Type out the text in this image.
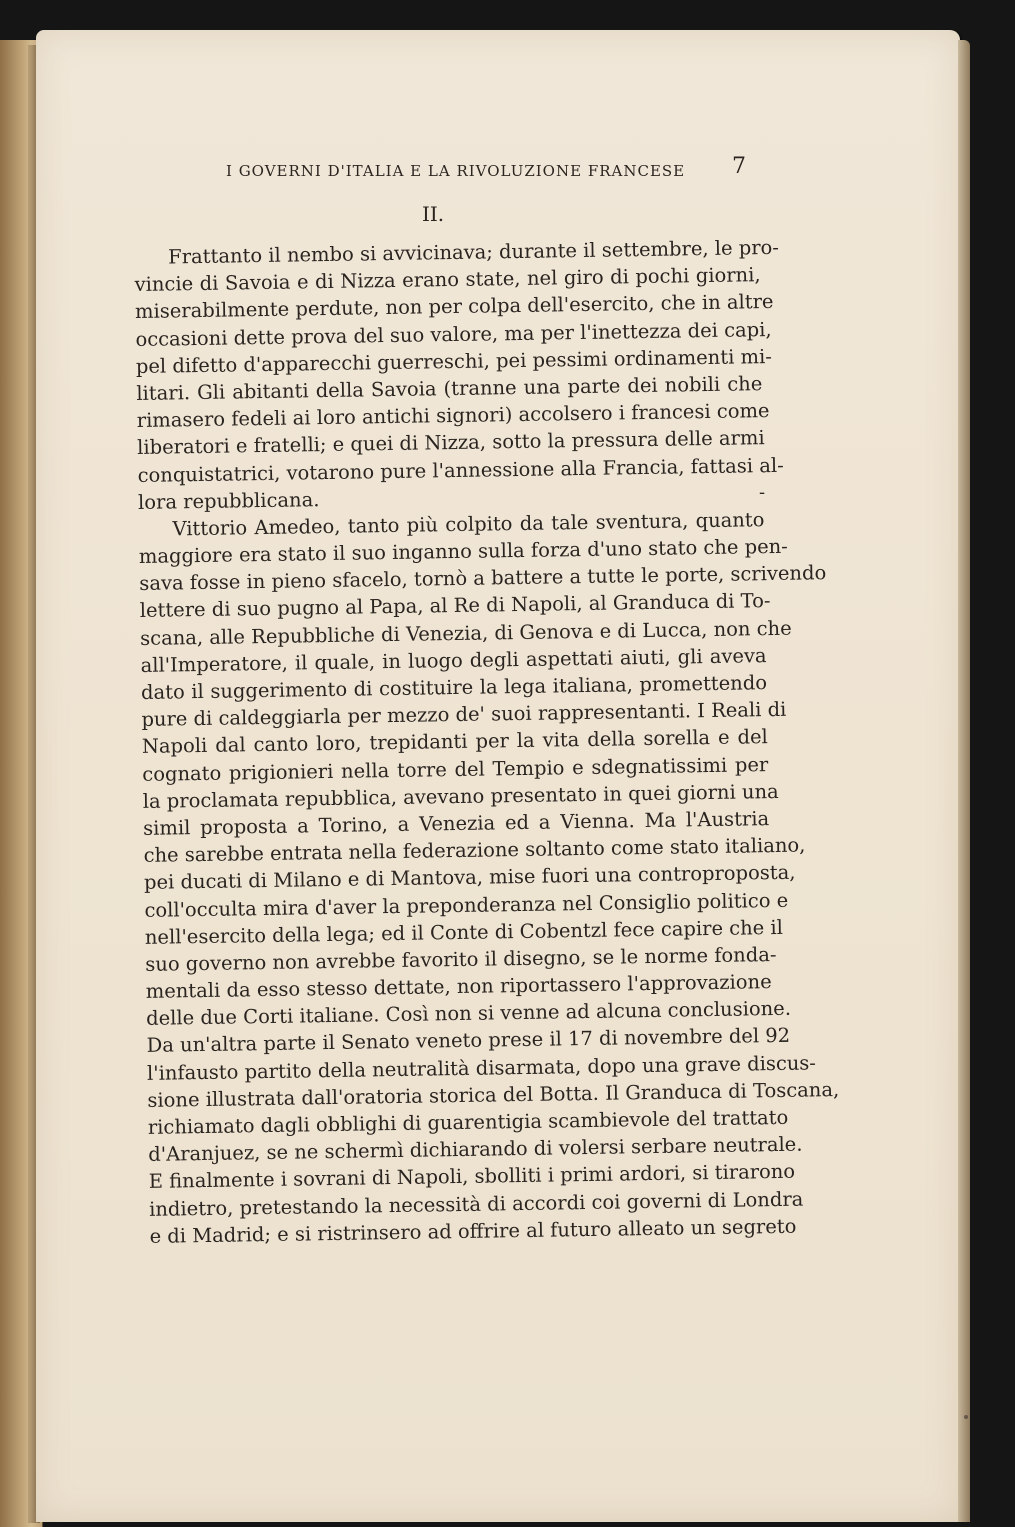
I GOVERNI D'ITALIA E LA RIVOLUZIONE FRANCESE	7
II.
Frattanto il nembo si avvicinava; durante il settembre, le pro-
vincie di Savoia e di Nizza erano state, nel giro di pochi giorni,
miserabilmente perdute, non per colpa dell'esercito, che in altre
occasioni dette prova del suo valore, ma per l'inettezza dei capi,
pel difetto d'apparecchi guerreschi, pei pessimi ordinamenti mi-
litari. Gli abitanti della Savoia (tranne una parte dei nobili che
rimasero fedeli ai loro antichi signori) accolsero i francesi come
liberatori e fratelli; e quei di Nizza, sotto la pressura delle armi
conquistatrici, votarono pure l'annessione alla Francia, fattasi al-
lora repubblicana.
Vittorio Amedeo, tanto più colpito da tale sventura, quanto
maggiore era stato il suo inganno sulla forza d'uno stato che pen-
sava fosse in pieno sfacelo, tornò a battere a tutte le porte, scrivendo
lettere di suo pugno al Papa, al Re di Napoli, al Granduca di To-
scana, alle Repubbliche di Venezia, di Genova e di Lucca, non che
all'Imperatore, il quale, in luogo degli aspettati aiuti, gli aveva
dato il suggerimento di costituire la lega italiana, promettendo
pure di caldeggiarla per mezzo de' suoi rappresentanti. I Reali di
Napoli dal canto loro, trepidanti per la vita della sorella e del
cognato prigionieri nella torre del Tempio e sdegnatissimi per
la proclamata repubblica, avevano presentato in quei giorni una
simil proposta a Torino, a Venezia ed a Vienna. Ma l'Austria
che sarebbe entrata nella federazione soltanto come stato italiano,
pei ducati di Milano e di Mantova, mise fuori una controproposta,
coll'occulta mira d'aver la preponderanza nel Consiglio politico e
nell'esercito della lega; ed il Conte di Cobentzl fece capire che il
suo governo non avrebbe favorito il disegno, se le norme fonda-
mentali da esso stesso dettate, non riportassero l'approvazione
delle due Corti italiane. Così non si venne ad alcuna conclusione.
Da un'altra parte il Senato veneto prese il 17 di novembre del 92
l'infausto partito della neutralità disarmata, dopo una grave discus-
sione illustrata dall'oratoria storica del Botta. Il Granduca di Toscana,
richiamato dagli obblighi di guarentigia scambievole del trattato
d'Aranjuez, se ne schermì dichiarando di volersi serbare neutrale.
E finalmente i sovrani di Napoli, sbolliti i primi ardori, si tirarono
indietro, pretestando la necessità di accordi coi governi di Londra
e di Madrid; e si ristrinsero ad offrire al futuro alleato un segreto
-
